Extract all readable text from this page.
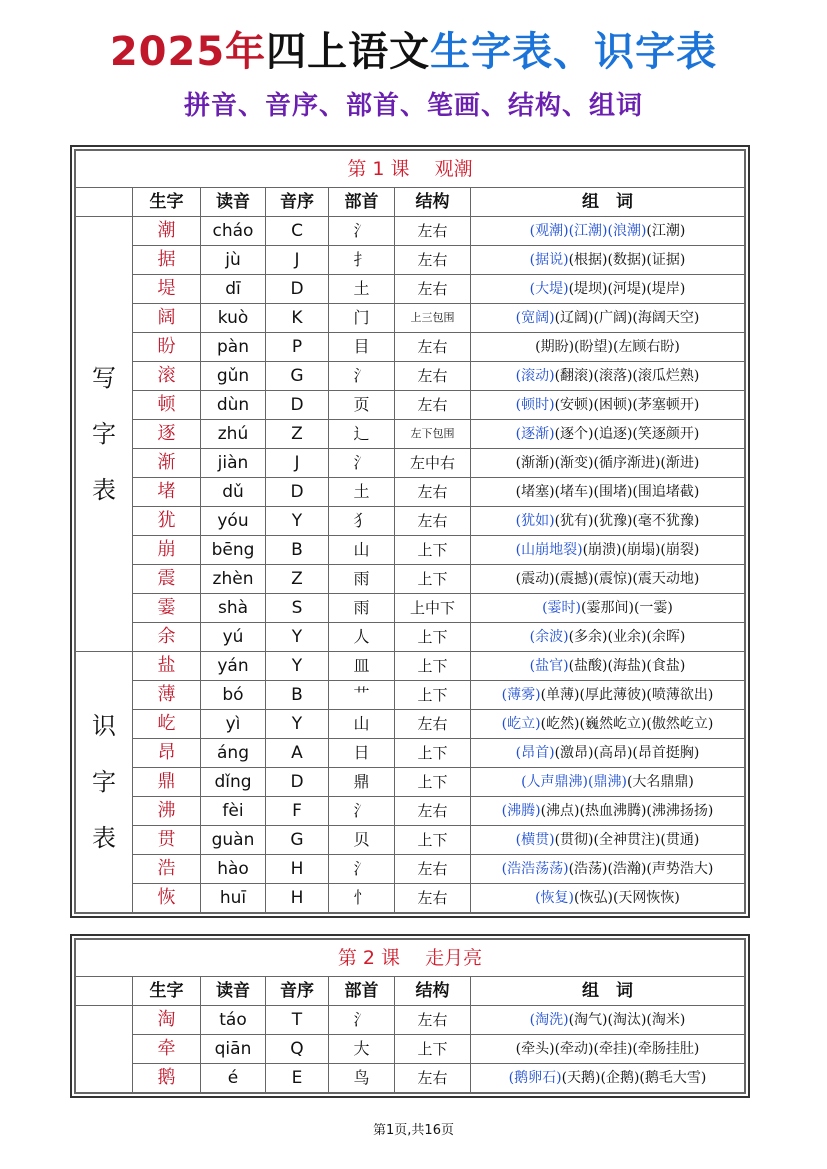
2025年四上语文生字表、识字表
拼音、音序、部首、笔画、结构、组词
第 1 课　 观潮						
	生字	读音	音序	部首	结构	组　词
写
字
表	潮	cháo	C	氵	左右	(观潮)(江潮)(浪潮)(江潮)
	据	jù	J	扌	左右	(据说)(根据)(数据)(证据)
	堤	dī	D	土	左右	(大堤)(堤坝)(河堤)(堤岸)
	阔	kuò	K	门	上三包围	(宽阔)(辽阔)(广阔)(海阔天空)
	盼	pàn	P	目	左右	(期盼)(盼望)(左顾右盼)
	滚	gǔn	G	氵	左右	(滚动)(翻滚)(滚落)(滚瓜烂熟)
	顿	dùn	D	页	左右	(顿时)(安顿)(困顿)(茅塞顿开)
	逐	zhú	Z	辶	左下包围	(逐渐)(逐个)(追逐)(笑逐颜开)
	渐	jiàn	J	氵	左中右	(渐渐)(渐变)(循序渐进)(渐进)
	堵	dǔ	D	土	左右	(堵塞)(堵车)(围堵)(围追堵截)
	犹	yóu	Y	犭	左右	(犹如)(犹有)(犹豫)(毫不犹豫)
	崩	bēng	B	山	上下	(山崩地裂)(崩溃)(崩塌)(崩裂)
	震	zhèn	Z	雨	上下	(震动)(震撼)(震惊)(震天动地)
	霎	shà	S	雨	上中下	(霎时)(霎那间)(一霎)
	余	yú	Y	人	上下	(余波)(多余)(业余)(余晖)
识
字
表	盐	yán	Y	皿	上下	(盐官)(盐酸)(海盐)(食盐)
	薄	bó	B	艹	上下	(薄雾)(单薄)(厚此薄彼)(喷薄欲出)
	屹	yì	Y	山	左右	(屹立)(屹然)(巍然屹立)(傲然屹立)
	昂	áng	A	日	上下	(昂首)(激昂)(高昂)(昂首挺胸)
	鼎	dǐng	D	鼎	上下	(人声鼎沸)(鼎沸)(大名鼎鼎)
	沸	fèi	F	氵	左右	(沸腾)(沸点)(热血沸腾)(沸沸扬扬)
	贯	guàn	G	贝	上下	(横贯)(贯彻)(全神贯注)(贯通)
	浩	hào	H	氵	左右	(浩浩荡荡)(浩荡)(浩瀚)(声势浩大)
	恢	huī	H	忄	左右	(恢复)(恢弘)(天网恢恢)
第 2 课　 走月亮						
	生字	读音	音序	部首	结构	组　词
	淘	táo	T	氵	左右	(淘洗)(淘气)(淘汰)(淘米)
	牵	qiān	Q	大	上下	(牵头)(牵动)(牵挂)(牵肠挂肚)
	鹅	é	E	鸟	左右	(鹅卵石)(天鹅)(企鹅)(鹅毛大雪)
第1页,共16页
